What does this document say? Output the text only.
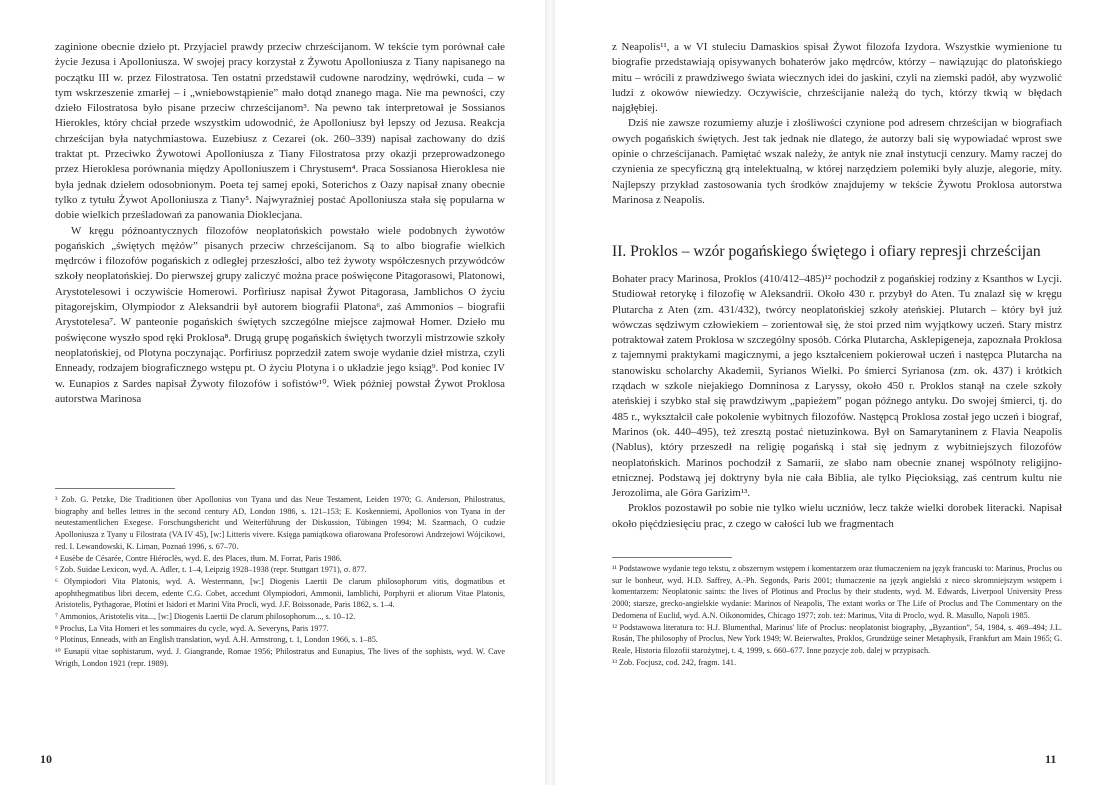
zaginione obecnie dzieło pt. Przyjaciel prawdy przeciw chrześcijanom. W tekście tym porównał całe życie Jezusa i Apolloniusza. W swojej pracy korzystał z Żywotu Apolloniusza z Tiany napisanego na początku III w. przez Filostratosa. Ten ostatni przedstawił cudowne narodziny, wędrówki, cuda – w tym wskrzeszenie zmarłej – i „wniebowstąpienie” mało dotąd znanego maga. Nie ma pewności, czy dzieło Filostratosa było pisane przeciw chrześcijanom³. Na pewno tak interpretował je Sossianos Hierokles, który chciał przede wszystkim udowodnić, że Apolloniusz był lepszy od Jezusa. Reakcja chrześcijan była natychmiastowa. Euzebiusz z Cezarei (ok. 260–339) napisał zachowany do dziś traktat pt. Przeciwko Żywotowi Apolloniusza z Tiany Filostratosa przy okazji przeprowadzonego przez Hieroklesa porównania między Apolloniuszem i Chrystusem⁴. Praca Sossianosa Hieroklesa nie była jednak dziełem odosobnionym. Poeta tej samej epoki, Soterichos z Oazy napisał znany obecnie tylko z tytułu Żywot Apolloniusza z Tiany⁵. Najwyraźniej postać Apolloniusza stała się popularna w dobie wielkich prześladowań za panowania Dioklecjana.

W kręgu późnoantycznych filozofów neoplatońskich powstało wiele podobnych żywotów pogańskich „świętych mężów” pisanych przeciw chrześcijanom. Są to albo biografie wielkich mędrców i filozofów pogańskich z odległej przeszłości, albo też żywoty współczesnych przywódców szkoły neoplatońskiej. Do pierwszej grupy zaliczyć można prace poświęcone Pitagorasowi, Platonowi, Arystotelesowi i oczywiście Homerowi. Porfiriusz napisał Żywot Pitagorasa, Jamblichos O życiu pitagorejskim, Olympiodor z Aleksandrii był autorem biografii Platona⁶, zaś Ammonios – biografii Arystotelesa⁷. W panteonie pogańskich świętych szczególne miejsce zajmował Homer. Dzieło mu poświęcone wyszło spod ręki Proklosa⁸. Drugą grupę pogańskich świętych tworzyli mistrzowie szkoły neoplatońskiej, od Plotyna poczynając. Porfiriusz poprzedził zatem swoje wydanie dzieł mistrza, czyli Enneady, rodzajem biograficznego wstępu pt. O życiu Plotyna i o układzie jego ksiąg⁹. Pod koniec IV w. Eunapios z Sardes napisał Żywoty filozofów i sofistów¹⁰. Wiek później powstał Żywot Proklosa autorstwa Marinosa

³ Zob. G. Petzke, Die Traditionen über Apollonius von Tyana und das Neue Testament, Leiden 1970; G. Anderson, Philostratus, biography and belles lettres in the second century AD, London 1986, s. 121–153; E. Koskenniemi, Apollonios von Tyana in der neutestamentlichen Exegese. Forschungsbericht und Weiterführung der Diskussion, Tübingen 1994; M. Szarmach, O cudzie Apolloniusza z Tyany u Filostrata (VA IV 45), [w:] Litteris vivere. Księga pamiątkowa ofiarowana Profesorowi Andrzejowi Wójcikowi, red. I. Lewandowski, K. Liman, Poznań 1996, s. 67–70.

⁴ Eusèbe de Césarée, Contre Hiéroclès, wyd. E. des Places, tłum. M. Forrat, Paris 1986.

⁵ Zob. Suidae Lexicon, wyd. A. Adler, t. 1–4, Leipzig 1928–1938 (repr. Stuttgart 1971), σ. 877.

⁶ Olympiodori Vita Platonis, wyd. A. Westermann, [w:] Diogenis Laertii De clarum philosophorum vitis, dogmatibus et apophthegmatibus libri decem, edente C.G. Cobet, accedunt Olympiodori, Ammonii, Iamblichi, Porphyrii et aliorum Vitae Platonis, Aristotelis, Pythagorae, Plotini et Isidori et Marini Vita Procli, wyd. J.F. Boissonade, Paris 1862, s. 1–4.

⁷ Ammonios, Aristotelis vita..., [w:] Diogenis Laertii De clarum philosophorum..., s. 10–12.

⁸ Proclus, La Vita Homeri et les sommaires du cycle, wyd. A. Severyns, Paris 1977.

⁹ Plotinus, Enneads, with an English translation, wyd. A.H. Armstrong, t. 1, London 1966, s. 1–85.

¹⁰ Eunapii vitae sophistarum, wyd. J. Giangrande, Romae 1956; Philostratus and Eunapius, The lives of the sophists, wyd. W. Cave Wrigth, London 1921 (repr. 1989).

10

z Neapolis¹¹, a w VI stuleciu Damaskios spisał Żywot filozofa Izydora. Wszystkie wymienione tu biografie przedstawiają opisywanych bohaterów jako mędrców, którzy – nawiązując do platońskiego mitu – wrócili z prawdziwego świata wiecznych idei do jaskini, czyli na ziemski padół, aby wyzwolić ludzi z okowów niewiedzy. Oczywiście, chrześcijanie należą do tych, którzy tkwią w błędach najgłębiej.

Dziś nie zawsze rozumiemy aluzje i złośliwości czynione pod adresem chrześcijan w biografiach owych pogańskich świętych. Jest tak jednak nie dlatego, że autorzy bali się wypowiadać wprost swe opinie o chrześcijanach. Pamiętać wszak należy, że antyk nie znał instytucji cenzury. Mamy raczej do czynienia ze specyficzną grą intelektualną, w której narzędziem polemiki były aluzje, alegorie, mity. Najlepszy przykład zastosowania tych środków znajdujemy w tekście Żywotu Proklosa autorstwa Marinosa z Neapolis.

II. Proklos – wzór pogańskiego świętego i ofiary represji chrześcijan

Bohater pracy Marinosa, Proklos (410/412–485)¹² pochodził z pogańskiej rodziny z Ksanthos w Lycji. Studiował retorykę i filozofię w Aleksandrii. Około 430 r. przybył do Aten. Tu znalazł się w kręgu Plutarcha z Aten (zm. 431/432), twórcy neoplatońskiej szkoły ateńskiej. Plutarch – który był już wówczas sędziwym człowiekiem – zorientował się, że stoi przed nim wyjątkowy uczeń. Stary mistrz potraktował zatem Proklosa w szczególny sposób. Córka Plutarcha, Asklepigeneja, zapoznała Proklosa z tajemnymi praktykami magicznymi, a jego kształceniem pokierował uczeń i następca Plutarcha na stanowisku scholarchy Akademii, Syrianos Wielki. Po śmierci Syrianosa (zm. ok. 437) i krótkich rządach w szkole niejakiego Domninosa z Laryssy, około 450 r. Proklos stanął na czele szkoły ateńskiej i szybko stał się prawdziwym „papieżem” pogan późnego antyku. Do swojej śmierci, tj. do 485 r., wykształcił całe pokolenie wybitnych filozofów. Następcą Proklosa został jego uczeń i biograf, Marinos (ok. 440–495), też zresztą postać nietuzinkowa. Był on Samarytaninem z Flavia Neapolis (Nablus), który przeszedł na religię pogańską i stał się jednym z wybitniejszych filozofów neoplatońskich. Marinos pochodził z Samarii, ze słabo nam obecnie znanej wspólnoty religijno-etnicznej. Podstawą jej doktryny była nie cała Biblia, ale tylko Pięcioksiąg, zaś centrum kultu nie Jerozolima, ale Góra Garizim¹³.

Proklos pozostawił po sobie nie tylko wielu uczniów, lecz także wielki dorobek literacki. Napisał około pięćdziesięciu prac, z czego w całości lub we fragmentach

¹¹ Podstawowe wydanie tego tekstu, z obszernym wstępem i komentarzem oraz tłumaczeniem na język francuski to: Marinus, Proclus ou sur le bonheur, wyd. H.D. Saffrey, A.-Ph. Segonds, Paris 2001; tłumaczenie na język angielski z nieco skromniejszym wstępem i komentarzem: Neoplatonic saints: the lives of Plotinus and Proclus by their students, wyd. M. Edwards, Liverpool University Press 2000; starsze, grecko-angielskie wydanie: Marinos of Neapolis, The extant works or The Life of Proclus and The Commentary on the Dedomena of Euclid, wyd. A.N. Oikonomides, Chicago 1977; zob. też: Marinus, Vita di Proclo, wyd. R. Masullo, Napoli 1985.

¹² Podstawowa literatura to: H.J. Blumenthal, Marinus' life of Proclus: neoplatonist biography, „Byzantion”, 54, 1984, s. 469–494; J.L. Rosán, The philosophy of Proclus, New York 1949; W. Beierwaltes, Proklos, Grundzüge seiner Metaphysik, Frankfurt am Main 1965; G. Reale, Historia filozofii starożytnej, t. 4, 1999, s. 660–677. Inne pozycje zob. dalej w przypisach.

¹³ Zob. Focjusz, cod. 242, fragm. 141.

11
